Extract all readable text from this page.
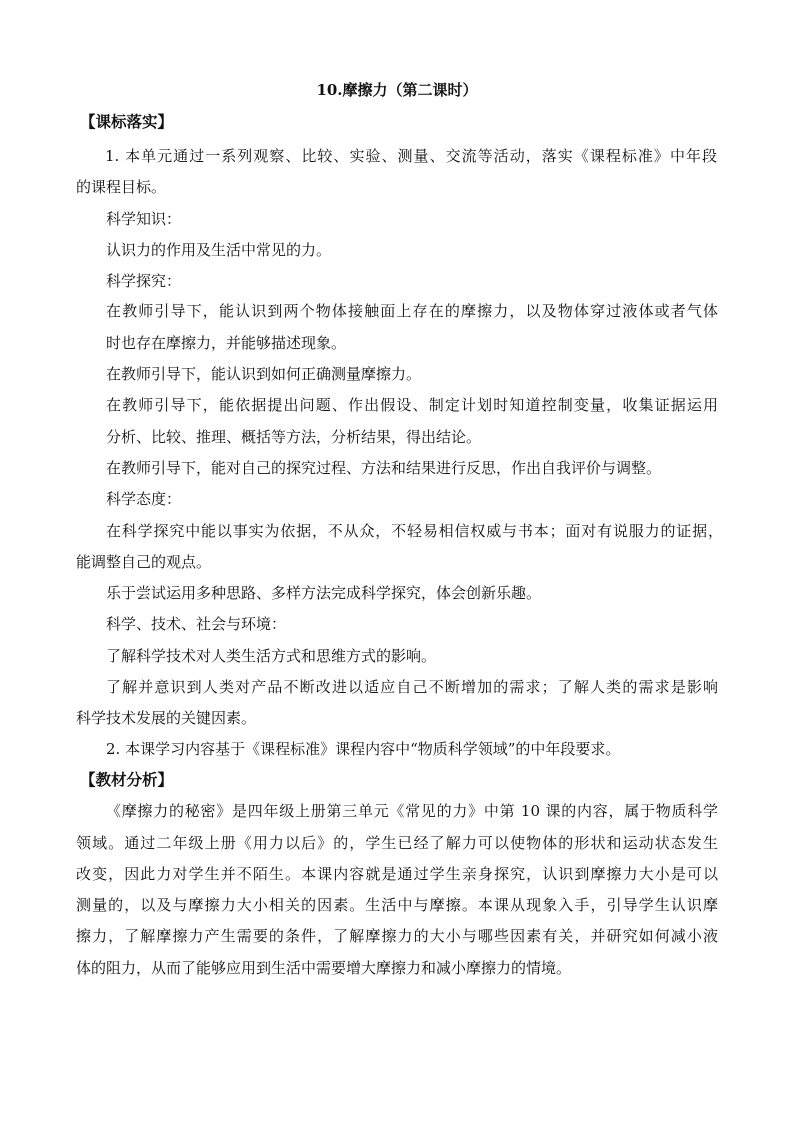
10.摩擦力（第二课时）
【课标落实】
1. 本单元通过一系列观察、比较、实验、测量、交流等活动，落实《课程标准》中年段
的课程目标。
科学知识：
认识力的作用及生活中常见的力。
科学探究：
在教师引导下，能认识到两个物体接触面上存在的摩擦力，以及物体穿过液体或者气体
时也存在摩擦力，并能够描述现象。
在教师引导下，能认识到如何正确测量摩擦力。
在教师引导下，能依据提出问题、作出假设、制定计划时知道控制变量，收集证据运用
分析、比较、推理、概括等方法，分析结果，得出结论。
在教师引导下，能对自己的探究过程、方法和结果进行反思，作出自我评价与调整。
科学态度：
在科学探究中能以事实为依据，不从众，不轻易相信权威与书本；面对有说服力的证据，
能调整自己的观点。
乐于尝试运用多种思路、多样方法完成科学探究，体会创新乐趣。
科学、技术、社会与环境：
了解科学技术对人类生活方式和思维方式的影响。
了解并意识到人类对产品不断改进以适应自己不断增加的需求；了解人类的需求是影响
科学技术发展的关键因素。
2. 本课学习内容基于《课程标准》课程内容中“物质科学领域”的中年段要求。
【教材分析】
《摩擦力的秘密》是四年级上册第三单元《常见的力》中第 10 课的内容，属于物质科学
领域。通过二年级上册《用力以后》的，学生已经了解力可以使物体的形状和运动状态发生
改变，因此力对学生并不陌生。本课内容就是通过学生亲身探究，认识到摩擦力大小是可以
测量的，以及与摩擦力大小相关的因素。生活中与摩擦。本课从现象入手，引导学生认识摩
擦力，了解摩擦力产生需要的条件，了解摩擦力的大小与哪些因素有关，并研究如何减小液
体的阻力，从而了能够应用到生活中需要增大摩擦力和减小摩擦力的情境。
